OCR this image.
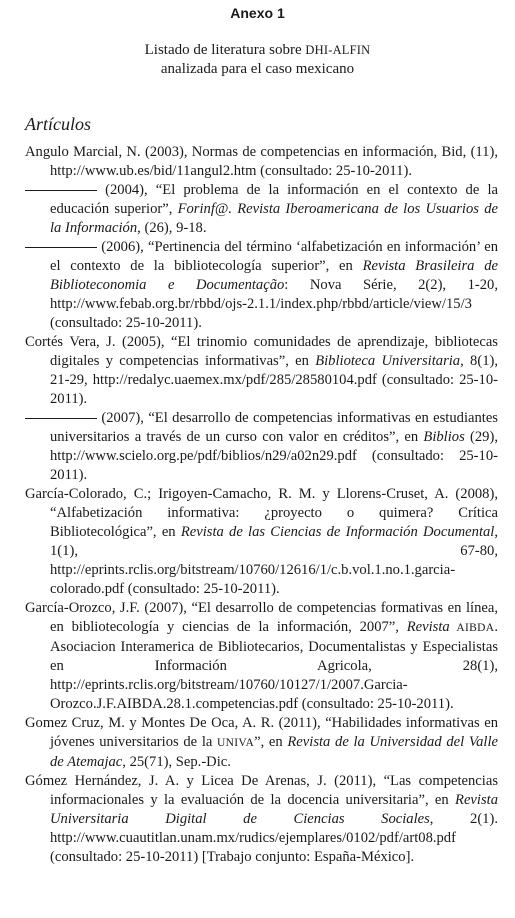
Anexo 1
Listado de literatura sobre DHI-ALFIN
analizada para el caso mexicano
Artículos

Angulo Marcial, N. (2003), Normas de competencias en información, Bid, (11), http://www.ub.es/bid/11angul2.htm (consultado: 25-10-2011).

(2004), “El problema de la información en el contexto de la educación superior”, Forinf@. Revista Iberoamericana de los Usuarios de la Información, (26), 9-18.

(2006), “Pertinencia del término ‘alfabetización en información’ en el contexto de la bibliotecología superior”, en Revista Brasileira de Biblioteconomia e Documentação: Nova Série, 2(2), 1-20, http://www.febab.org.br/rbbd/ojs-2.1.1/index.php/rbbd/article/view/15/3 (consultado: 25-10-2011).

Cortés Vera, J. (2005), “El trinomio comunidades de aprendizaje, bibliotecas digitales y competencias informativas”, en Biblioteca Universitaria, 8(1), 21-29, http://redalyc.uaemex.mx/pdf/285/28580104.pdf (consultado: 25-10-2011).

(2007), “El desarrollo de competencias informativas en estudiantes universitarios a través de un curso con valor en créditos”, en Biblios (29), http://www.scielo.org.pe/pdf/biblios/n29/a02n29.pdf (consultado: 25-10-2011).

García-Colorado, C.; Irigoyen-Camacho, R. M. y Llorens-Cruset, A. (2008), “Alfabetización informativa: ¿proyecto o quimera? Crítica Bibliotecológica”, en Revista de las Ciencias de Información Documental, 1(1), 67-80, http://eprints.rclis.org/bitstream/10760/12616/1/c.b.vol.1.no.1.garcia-colorado.pdf (consultado: 25-10-2011).

García-Orozco, J.F. (2007), “El desarrollo de competencias formativas en línea, en bibliotecología y ciencias de la información, 2007”, Revista AIBDA. Asociacion Interamerica de Bibliotecarios, Documentalistas y Especialistas en Información Agricola, 28(1), http://eprints.rclis.org/bitstream/10760/10127/1/2007.Garcia-Orozco.J.F.AIBDA.28.1.competencias.pdf (consultado: 25-10-2011).

Gomez Cruz, M. y Montes De Oca, A. R. (2011), “Habilidades informativas en jóvenes universitarios de la UNIVA”, en Revista de la Universidad del Valle de Atemajac, 25(71), Sep.-Dic.

Gómez Hernández, J. A. y Licea De Arenas, J. (2011), “Las competencias informacionales y la evaluación de la docencia universitaria”, en Revista Universitaria Digital de Ciencias Sociales, 2(1). http://www.cuautitlan.unam.mx/rudics/ejemplares/0102/pdf/art08.pdf (consultado: 25-10-2011) [Trabajo conjunto: España-México].
